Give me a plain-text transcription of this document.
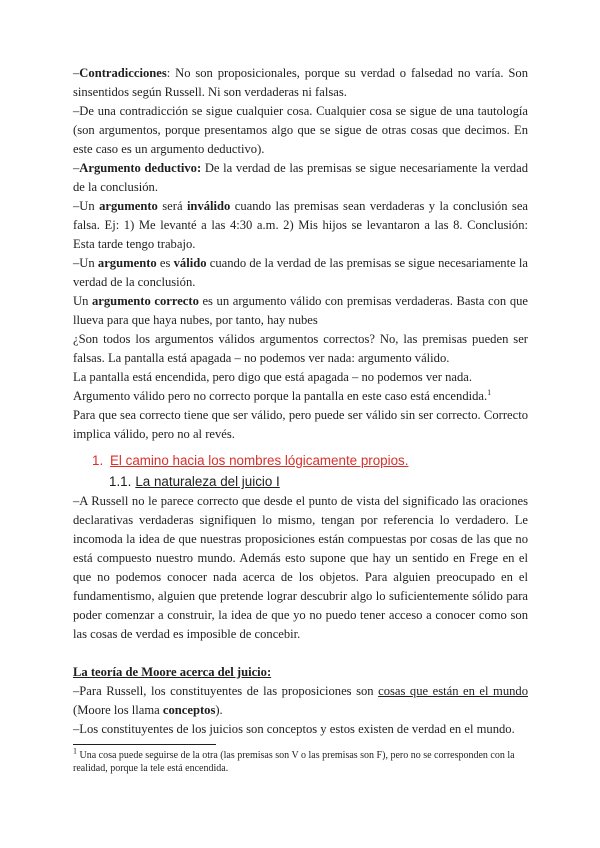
–Contradicciones: No son proposicionales, porque su verdad o falsedad no varía. Son sinsentidos según Russell. Ni son verdaderas ni falsas.

–De una contradicción se sigue cualquier cosa. Cualquier cosa se sigue de una tautología (son argumentos, porque presentamos algo que se sigue de otras cosas que decimos. En este caso es un argumento deductivo).

–Argumento deductivo: De la verdad de las premisas se sigue necesariamente la verdad de la conclusión.

–Un argumento será inválido cuando las premisas sean verdaderas y la conclusión sea falsa. Ej: 1) Me levanté a las 4:30 a.m. 2) Mis hijos se levantaron a las 8. Conclusión: Esta tarde tengo trabajo.

–Un argumento es válido cuando de la verdad de las premisas se sigue necesariamente la verdad de la conclusión.

Un argumento correcto es un argumento válido con premisas verdaderas. Basta con que llueva para que haya nubes, por tanto, hay nubes

¿Son todos los argumentos válidos argumentos correctos? No, las premisas pueden ser falsas. La pantalla está apagada – no podemos ver nada: argumento válido.

La pantalla está encendida, pero digo que está apagada – no podemos ver nada.

Argumento válido pero no correcto porque la pantalla en este caso está encendida.$^1$

Para que sea correcto tiene que ser válido, pero puede ser válido sin ser correcto. Correcto implica válido, pero no al revés.

1. El camino hacia los nombres lógicamente propios.
1.1. La naturaleza del juicio I

–A Russell no le parece correcto que desde el punto de vista del significado las oraciones declarativas verdaderas signifiquen lo mismo, tengan por referencia lo verdadero. Le incomoda la idea de que nuestras proposiciones están compuestas por cosas de las que no está compuesto nuestro mundo. Además esto supone que hay un sentido en Frege en el que no podemos conocer nada acerca de los objetos. Para alguien preocupado en el fundamentismo, alguien que pretende lograr descubrir algo lo suficientemente sólido para poder comenzar a construir, la idea de que yo no puedo tener acceso a conocer como son las cosas de verdad es imposible de concebir.

La teoría de Moore acerca del juicio:

–Para Russell, los constituyentes de las proposiciones son cosas que están en el mundo (Moore los llama conceptos).

–Los constituyentes de los juicios son conceptos y estos existen de verdad en el mundo.

$^1$ Una cosa puede seguirse de la otra (las premisas son V o las premisas son F), pero no se corresponden con la realidad, porque la tele está encendida.
